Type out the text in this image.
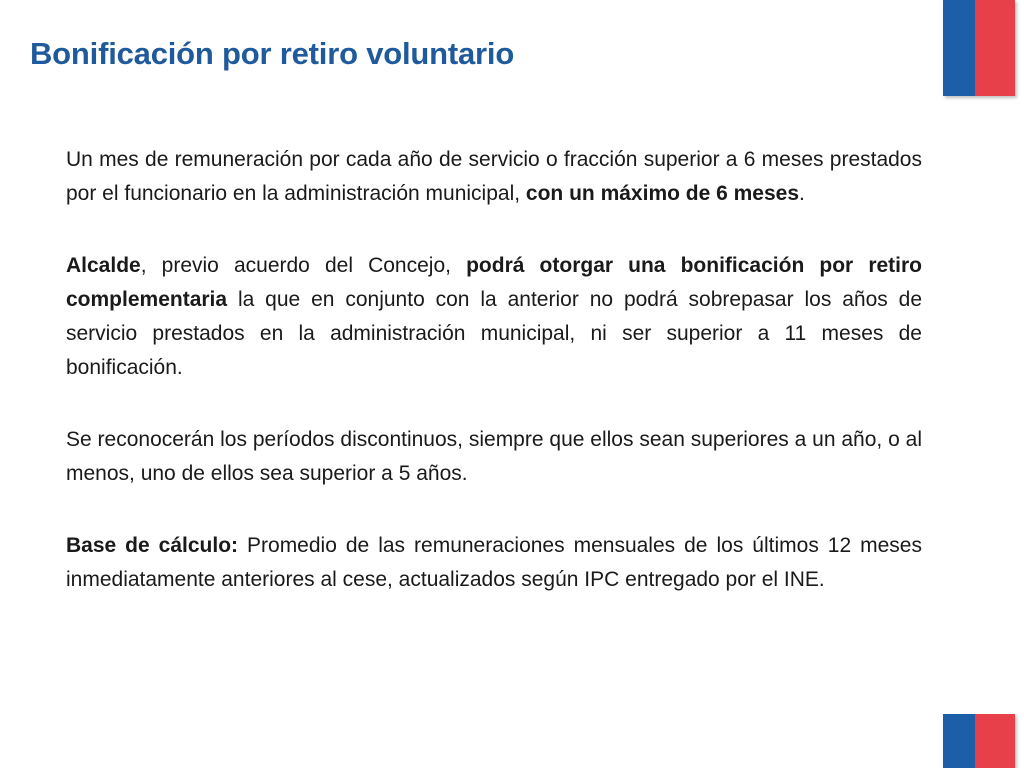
Bonificación por retiro voluntario

Un mes de remuneración por cada año de servicio o fracción superior a 6 meses prestados por el funcionario en la administración municipal, con un máximo de 6 meses.

Alcalde, previo acuerdo del Concejo, podrá otorgar una bonificación por retiro complementaria la que en conjunto con la anterior no podrá sobrepasar los años de servicio prestados en la administración municipal, ni ser superior a 11 meses de bonificación.

Se reconocerán los períodos discontinuos, siempre que ellos sean superiores a un año, o al menos, uno de ellos sea superior a 5 años.

Base de cálculo: Promedio de las remuneraciones mensuales de los últimos 12 meses inmediatamente anteriores al cese, actualizados según IPC entregado por el INE.
